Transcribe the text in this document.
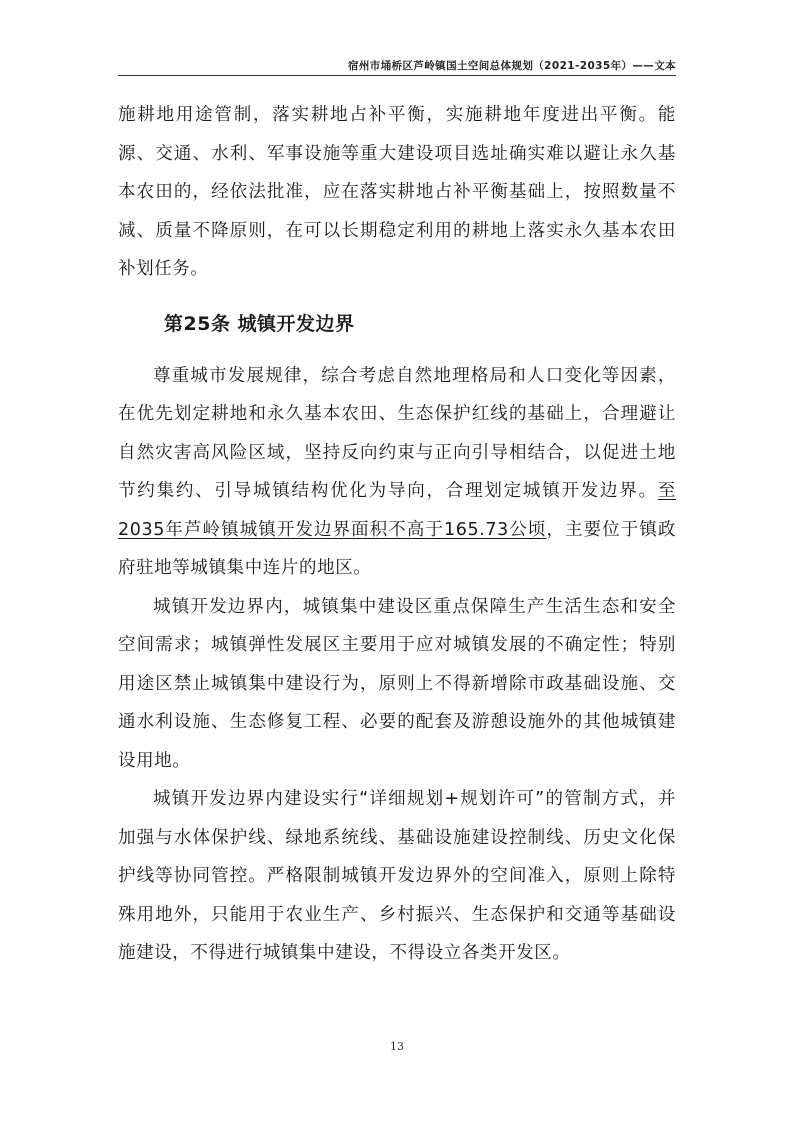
宿州市埇桥区芦岭镇国土空间总体规划（2021-2035年）——文本

施耕地用途管制，落实耕地占补平衡，实施耕地年度进出平衡。能源、交通、水利、军事设施等重大建设项目选址确实难以避让永久基本农田的，经依法批准，应在落实耕地占补平衡基础上，按照数量不减、质量不降原则，在可以长期稳定利用的耕地上落实永久基本农田补划任务。

第25条 城镇开发边界

尊重城市发展规律，综合考虑自然地理格局和人口变化等因素，在优先划定耕地和永久基本农田、生态保护红线的基础上，合理避让自然灾害高风险区域，坚持反向约束与正向引导相结合，以促进土地节约集约、引导城镇结构优化为导向，合理划定城镇开发边界。至2035年芦岭镇城镇开发边界面积不高于165.73公顷，主要位于镇政府驻地等城镇集中连片的地区。

城镇开发边界内，城镇集中建设区重点保障生产生活生态和安全空间需求；城镇弹性发展区主要用于应对城镇发展的不确定性；特别用途区禁止城镇集中建设行为，原则上不得新增除市政基础设施、交通水利设施、生态修复工程、必要的配套及游憩设施外的其他城镇建设用地。

城镇开发边界内建设实行“详细规划+规划许可”的管制方式，并加强与水体保护线、绿地系统线、基础设施建设控制线、历史文化保护线等协同管控。严格限制城镇开发边界外的空间准入，原则上除特殊用地外，只能用于农业生产、乡村振兴、生态保护和交通等基础设施建设，不得进行城镇集中建设，不得设立各类开发区。

13
